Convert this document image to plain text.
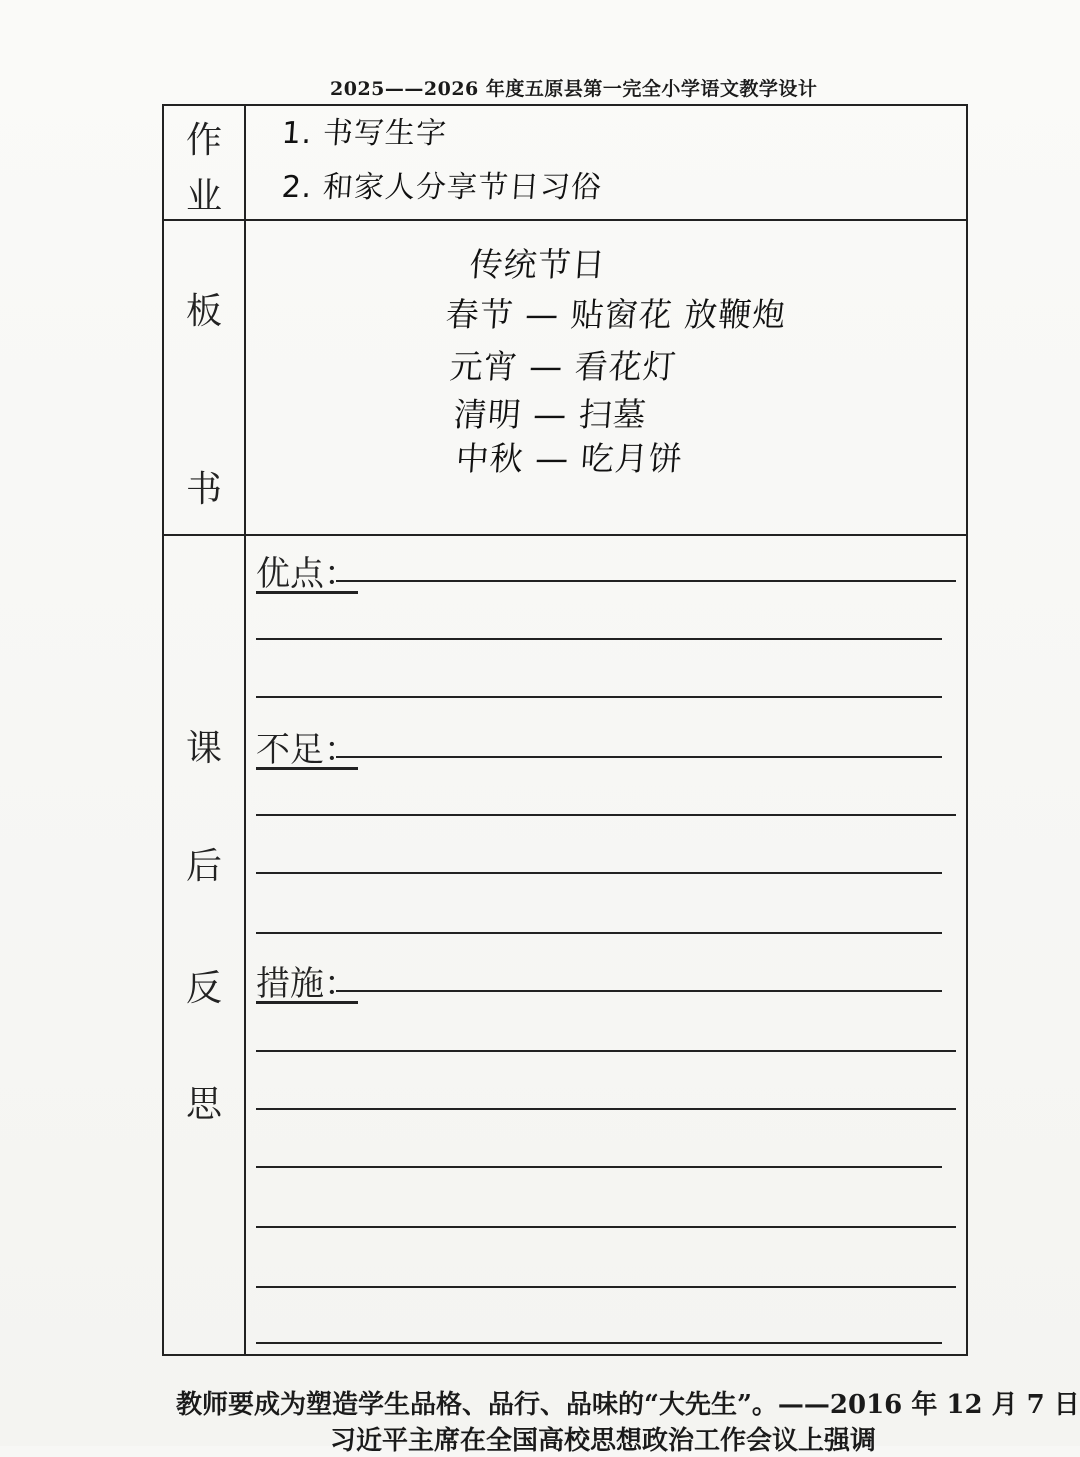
2025——2026 年度五原县第一完全小学语文教学设计
作
业
1. 书写生字
2. 和家人分享节日习俗
板
书
传统节日
春节 — 贴窗花 放鞭炮
元宵 — 看花灯
清明 — 扫墓
中秋 — 吃月饼
课
后
反
思
优点：
不足：
措施：
教师要成为塑造学生品格、品行、品味的“大先生”。——2016 年 12 月 7 日
习近平主席在全国高校思想政治工作会议上强调
